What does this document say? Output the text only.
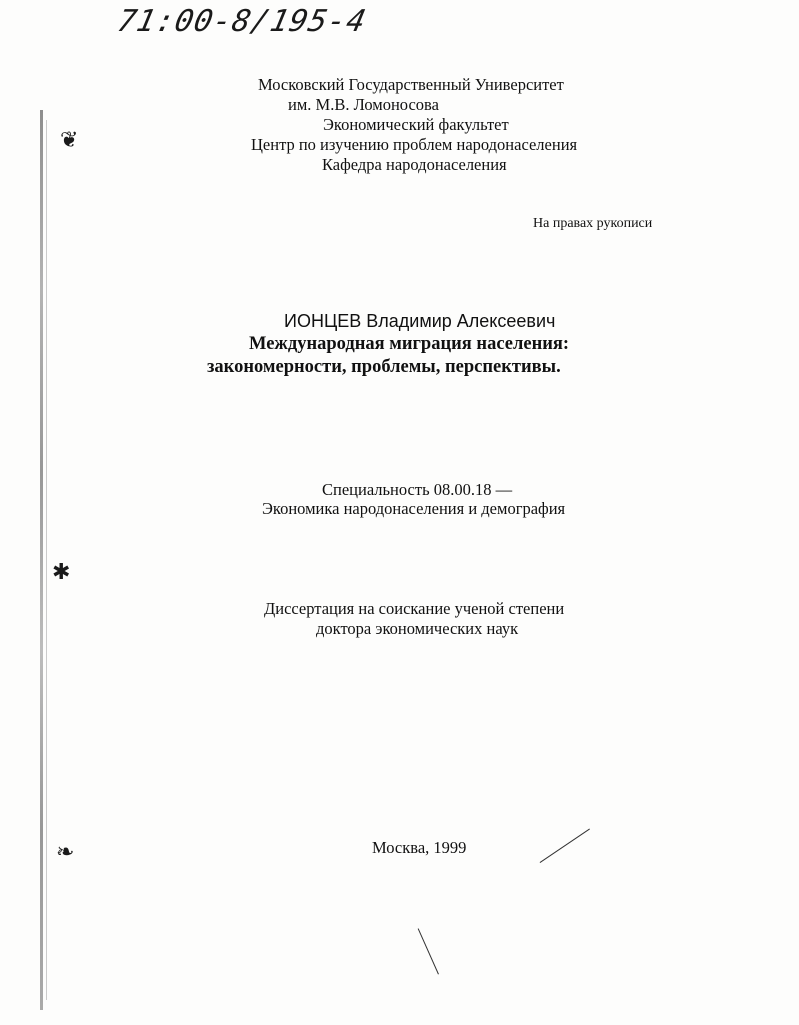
71:00-8/195-4
Московский Государственный Университет
им. М.В. Ломоносова
Экономический факультет
Центр по изучению проблем народонаселения
Кафедра народонаселения
На правах рукописи
ИОНЦЕВ Владимир Алексеевич
Международная миграция населения:
закономерности, проблемы, перспективы.
Специальность 08.00.18 —
Экономика народонаселения и демография
Диссертация на соискание ученой степени
доктора экономических наук
Москва, 1999
❦
✱
❧
